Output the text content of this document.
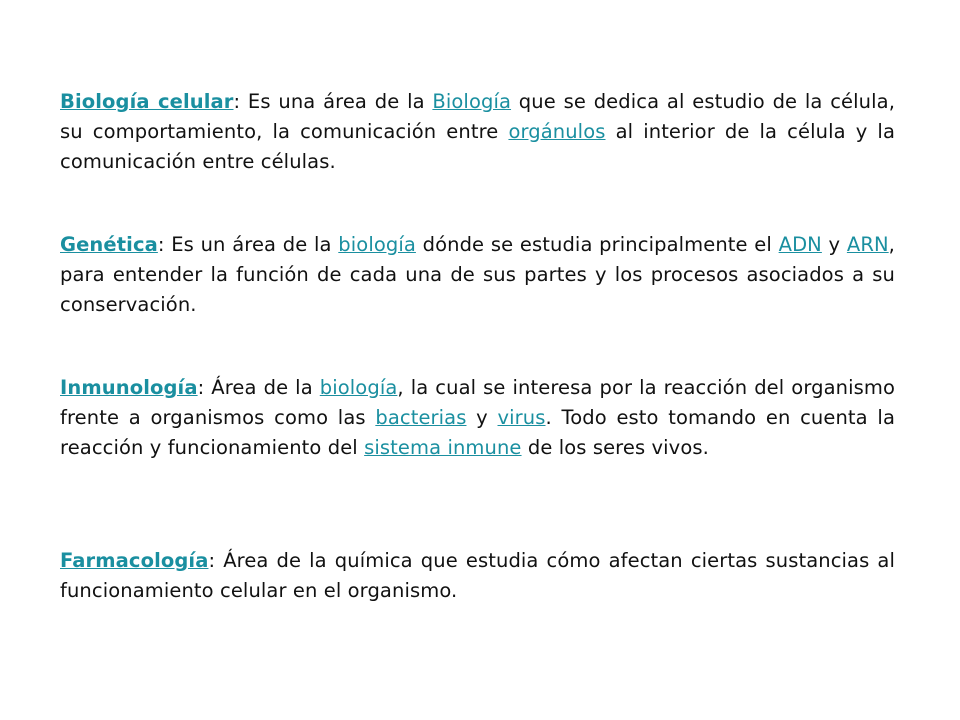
Biología celular: Es una área de la Biología que se dedica al estudio de la célula, su comportamiento, la comunicación entre orgánulos al interior de la célula y la comunicación entre células.

Genética: Es un área de la biología dónde se estudia principalmente el ADN y ARN, para entender la función de cada una de sus partes y los procesos asociados a su conservación.

Inmunología: Área de la biología, la cual se interesa por la reacción del organismo frente a organismos como las bacterias y virus. Todo esto tomando en cuenta la reacción y funcionamiento del sistema inmune de los seres vivos.

Farmacología: Área de la química que estudia cómo afectan ciertas sustancias al funcionamiento celular en el organismo.
